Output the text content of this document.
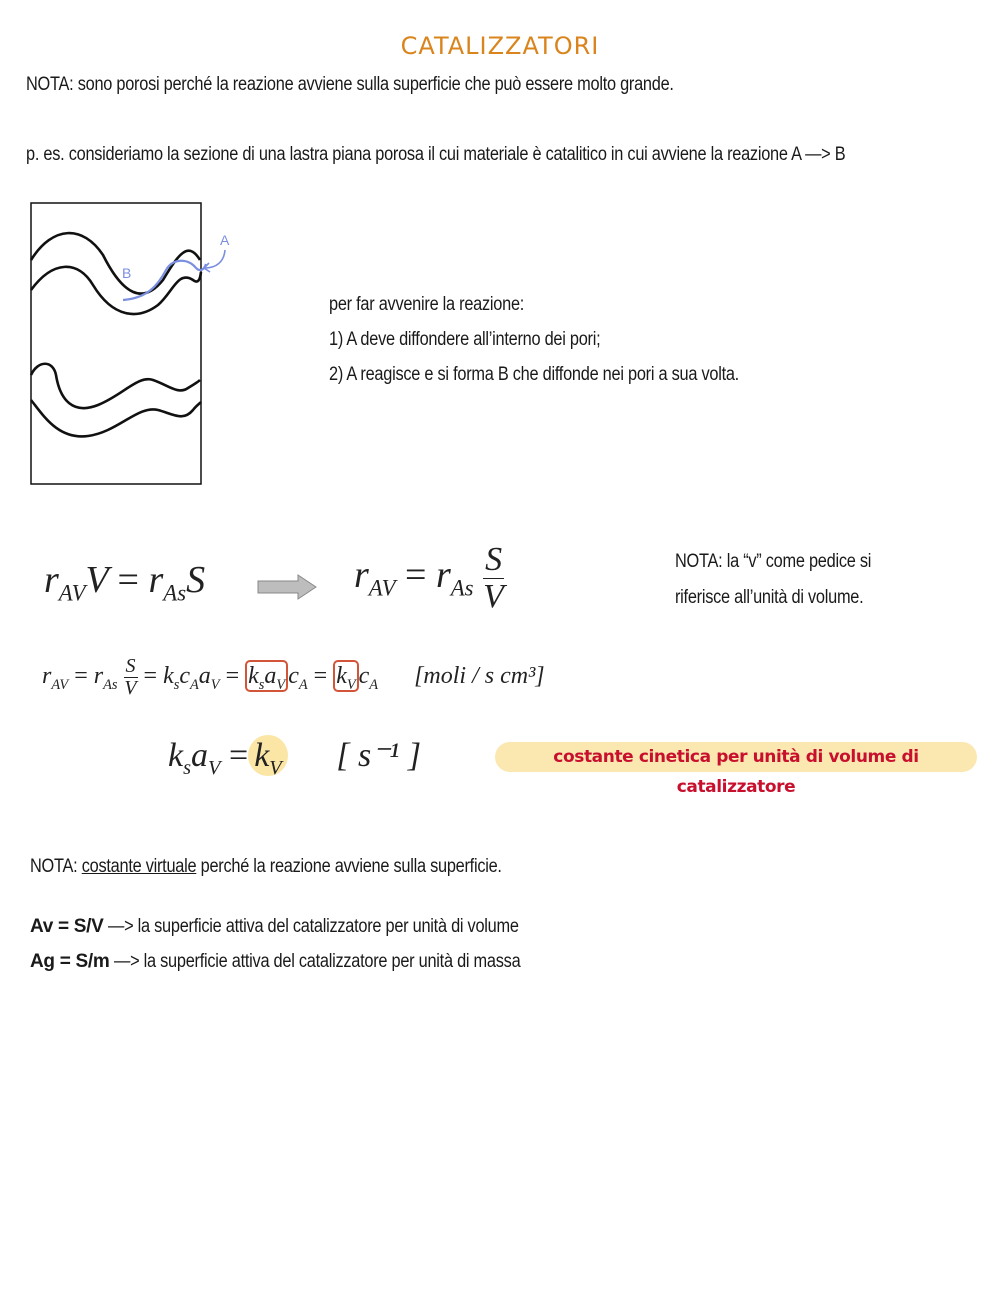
CATALIZZATORI
NOTA: sono porosi perché la reazione avviene sulla superficie che può essere molto grande.
p. es. consideriamo la sezione di una lastra piana porosa il cui materiale è catalitico in cui avviene la reazione A —> B
A
B
per far avvenire la reazione:
1) A deve diffondere all’interno dei pori;
2) A reagisce e si forma B che diffonde nei pori a sua volta.
$r_{AV}V = r_{As}S$	$r_{AV} = r_{As} \frac{S}{V}$	NOTA: la “v” come pedice si
riferisce all’unità di volume.
$r_{AV} = r_{As} \frac{S}{V} = k_sc_Aa_V = k_sa_V$ $c_A = k_V$ $c_A$ [moli / s cm³]
$k_sa_V = k_V$ [ s⁻¹ ]	costante cinetica per unità di volume di catalizzatore
NOTA: costante virtuale perché la reazione avviene sulla superficie.
Av = S/V —> la superficie attiva del catalizzatore per unità di volume
Ag = S/m —> la superficie attiva del catalizzatore per unità di massa
